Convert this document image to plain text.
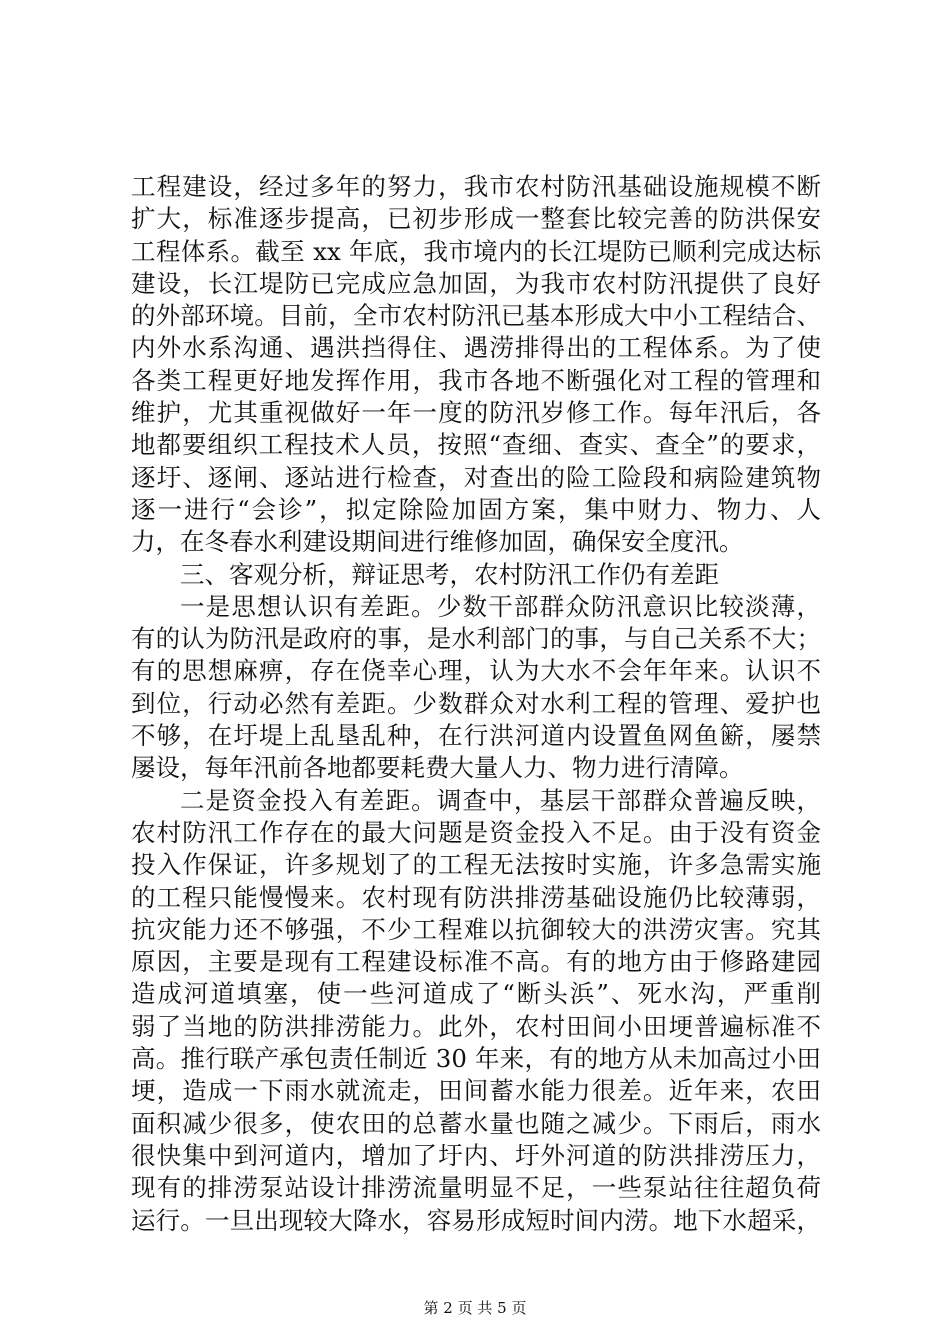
工程建设，经过多年的努力，我市农村防汛基础设施规模不断
扩大，标准逐步提高，已初步形成一整套比较完善的防洪保安
工程体系。截至 xx 年底，我市境内的长江堤防已顺利完成达标
建设，长江堤防已完成应急加固，为我市农村防汛提供了良好
的外部环境。目前，全市农村防汛已基本形成大中小工程结合、
内外水系沟通、遇洪挡得住、遇涝排得出的工程体系。为了使
各类工程更好地发挥作用，我市各地不断强化对工程的管理和
维护，尤其重视做好一年一度的防汛岁修工作。每年汛后，各
地都要组织工程技术人员，按照“查细、查实、查全”的要求，
逐圩、逐闸、逐站进行检查，对查出的险工险段和病险建筑物
逐一进行“会诊”，拟定除险加固方案，集中财力、物力、人
力，在冬春水利建设期间进行维修加固，确保安全度汛。
三、客观分析，辩证思考，农村防汛工作仍有差距
一是思想认识有差距。少数干部群众防汛意识比较淡薄，
有的认为防汛是政府的事，是水利部门的事，与自己关系不大；
有的思想麻痹，存在侥幸心理，认为大水不会年年来。认识不
到位，行动必然有差距。少数群众对水利工程的管理、爱护也
不够，在圩堤上乱垦乱种，在行洪河道内设置鱼网鱼簖，屡禁
屡设，每年汛前各地都要耗费大量人力、物力进行清障。
二是资金投入有差距。调查中，基层干部群众普遍反映，
农村防汛工作存在的最大问题是资金投入不足。由于没有资金
投入作保证，许多规划了的工程无法按时实施，许多急需实施
的工程只能慢慢来。农村现有防洪排涝基础设施仍比较薄弱，
抗灾能力还不够强，不少工程难以抗御较大的洪涝灾害。究其
原因，主要是现有工程建设标准不高。有的地方由于修路建园
造成河道填塞，使一些河道成了“断头浜”、死水沟，严重削
弱了当地的防洪排涝能力。此外，农村田间小田埂普遍标准不
高。推行联产承包责任制近 30 年来，有的地方从未加高过小田
埂，造成一下雨水就流走，田间蓄水能力很差。近年来，农田
面积减少很多，使农田的总蓄水量也随之减少。下雨后，雨水
很快集中到河道内，增加了圩内、圩外河道的防洪排涝压力，
现有的排涝泵站设计排涝流量明显不足，一些泵站往往超负荷
运行。一旦出现较大降水，容易形成短时间内涝。地下水超采，
第 2 页 共 5 页
